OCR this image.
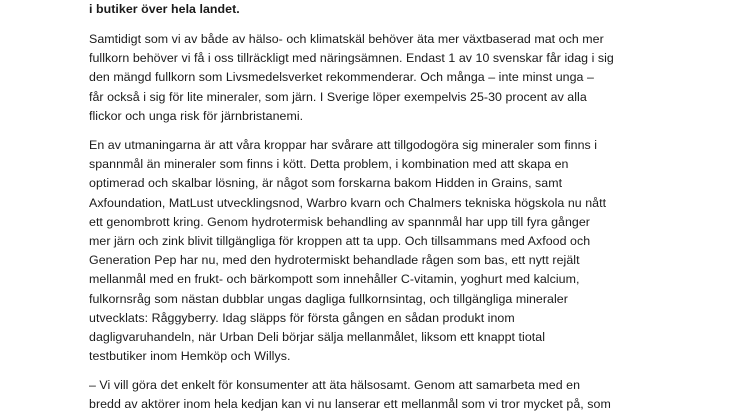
i butiker över hela landet.

Samtidigt som vi av både av hälso- och klimatskäl behöver äta mer växtbaserad mat och mer
fullkorn behöver vi få i oss tillräckligt med näringsämnen. Endast 1 av 10 svenskar får idag i sig
den mängd fullkorn som Livsmedelsverket rekommenderar. Och många – inte minst unga –
får också i sig för lite mineraler, som järn. I Sverige löper exempelvis 25-30 procent av alla
flickor och unga risk för järnbristanemi.

En av utmaningarna är att våra kroppar har svårare att tillgodogöra sig mineraler som finns i
spannmål än mineraler som finns i kött. Detta problem, i kombination med att skapa en
optimerad och skalbar lösning, är något som forskarna bakom Hidden in Grains, samt
Axfoundation, MatLust utvecklingsnod, Warbro kvarn och Chalmers tekniska högskola nu nått
ett genombrott kring. Genom hydrotermisk behandling av spannmål har upp till fyra gånger
mer järn och zink blivit tillgängliga för kroppen att ta upp. Och tillsammans med Axfood och
Generation Pep har nu, med den hydrotermiskt behandlade rågen som bas, ett nytt rejält
mellanmål med en frukt- och bärkompott som innehåller C-vitamin, yoghurt med kalcium,
fulkornsråg som nästan dubblar ungas dagliga fullkornsintag, och tillgängliga mineraler
utvecklats: Råggyberry. Idag släpps för första gången en sådan produkt inom
dagligvaruhandeln, när Urban Deli börjar sälja mellanmålet, liksom ett knappt tiotal
testbutiker inom Hemköp och Willys.

– Vi vill göra det enkelt för konsumenter att äta hälsosamt. Genom att samarbeta med en
bredd av aktörer inom hela kedjan kan vi nu lanserar ett mellanmål som vi tror mycket på, som
